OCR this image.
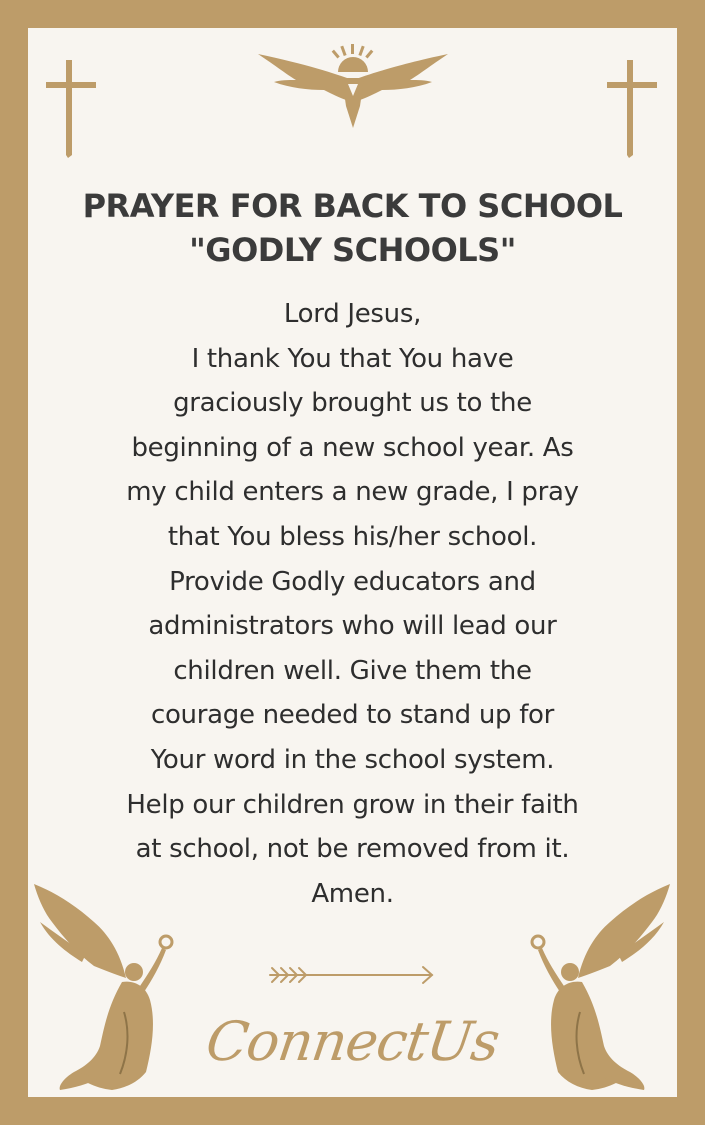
PRAYER FOR BACK TO SCHOOL
"GODLY SCHOOLS"
Lord Jesus,
I thank You that You have
graciously brought us to the
beginning of a new school year. As
my child enters a new grade, I pray
that You bless his/her school.
Provide Godly educators and
administrators who will lead our
children well. Give them the
courage needed to stand up for
Your word in the school system.
Help our children grow in their faith
at school, not be removed from it.
Amen.
ConnectUs
